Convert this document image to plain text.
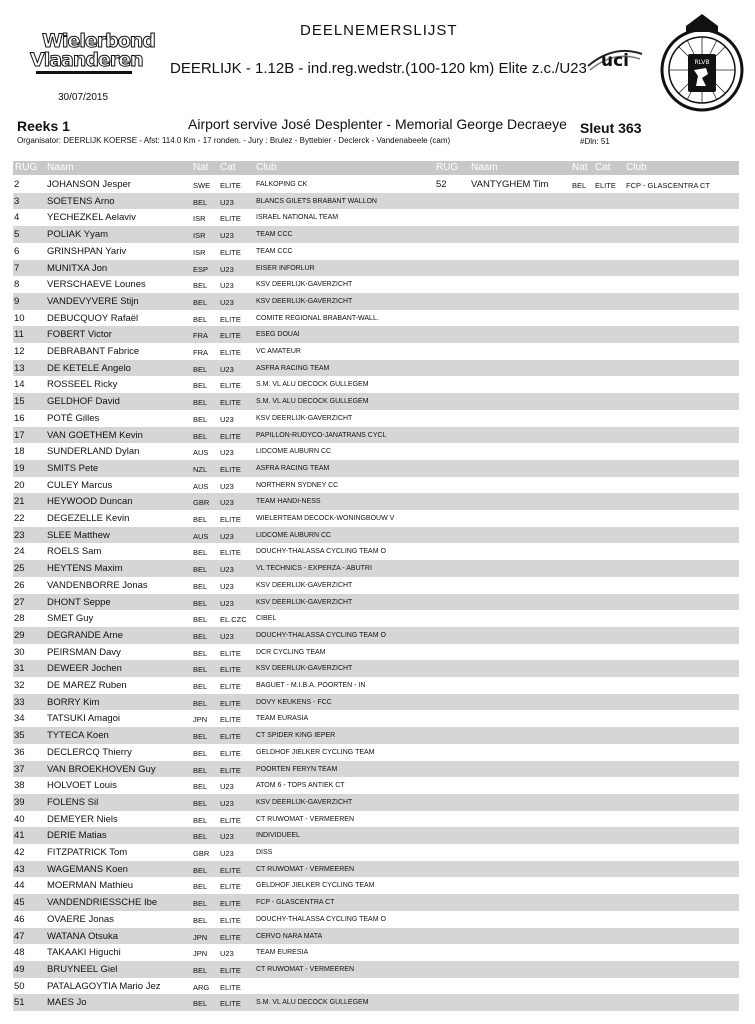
Wielerbond
Vlaanderen
30/07/2015
DEELNEMERSLIJST
DEERLIJK - 1.12B - ind.reg.wedstr.(100-120 km) Elite z.c./U23 uci	RLVB
Reeks 1	Airport servive José Desplenter - Memorial George Decraeye Sleut 363
#Dln: 51
Organisator: DEERLIJK KOERSE - Afst: 114.0 Km - 17 ronden. - Jury : Brulez - Byttebier - Declerck - Vandenabeele (cam)
RUG Naam	Nat Cat Club	RUG Naam	Nat Cat Club
2	JOHANSON Jesper	SWE ELITE FALKOPING CK	52	VANTYGHEM Tim	BEL ELITE FCP - GLASCENTRA CT
3	SOETENS Arno	BEL U23	BLANCS GILETS BRABANT WALLON
4	YECHEZKEL Aelaviv	ISR ELITE ISRAEL NATIONAL TEAM
5	POLIAK Yyam	ISR U23	TEAM CCC
6	GRINSHPAN Yariv	ISR ELITE TEAM CCC
7	MUNITXA Jon	ESP U23	EISER INFORLUR
8	VERSCHAEVE Lounes	BEL U23	KSV DEERLIJK-GAVERZICHT
9	VANDEVYVERE Stijn	BEL U23	KSV DEERLIJK-GAVERZICHT
10 DEBUCQUOY Rafaël	BEL ELITE COMITE REGIONAL BRABANT-WALL.
11 FOBERT Victor	FRA ELITE ESEG DOUAI
12 DEBRABANT Fabrice	FRA ELITE VC AMATEUR
13 DE KETELE Angelo	BEL U23	ASFRA RACING TEAM
14 ROSSEEL Ricky	BEL ELITE S.M. VL ALU DECOCK GULLEGEM
15 GELDHOF David	BEL ELITE S.M. VL ALU DECOCK GULLEGEM
16 POTÉ Gilles	BEL U23	KSV DEERLIJK-GAVERZICHT
17 VAN GOETHEM Kevin	BEL ELITE PAPILLON-RUDYCO-JANATRANS CYCL
18 SUNDERLAND Dylan	AUS U23	LIDCOME AUBURN CC
19 SMITS Pete	NZL ELITE ASFRA RACING TEAM
20 CULEY Marcus	AUS U23	NORTHERN SYDNEY CC
21 HEYWOOD Duncan	GBR U23	TEAM HANDI-NESS
22 DEGEZELLE Kevin	BEL ELITE WIELERTEAM DECOCK-WONINGBOUW V
23 SLEE Matthew	AUS U23	LIDCOME AUBURN CC
24 ROELS Sam	BEL ELITE DOUCHY-THALASSA CYCLING TEAM O
25 HEYTENS Maxim	BEL U23	VL TECHNICS - EXPERZA - ABUTRI
26 VANDENBORRE Jonas	BEL U23	KSV DEERLIJK-GAVERZICHT
27 DHONT Seppe	BEL U23	KSV DEERLIJK-GAVERZICHT
28 SMET Guy	BEL EL.CZC CIBEL
29 DEGRANDE Arne	BEL U23	DOUCHY-THALASSA CYCLING TEAM O
30 PEIRSMAN Davy	BEL ELITE DCR CYCLING TEAM
31 DEWEER Jochen	BEL ELITE KSV DEERLIJK-GAVERZICHT
32 DE MAREZ Ruben	BEL ELITE BAGUET - M.I.B.A. POORTEN - IN
33 BORRY Kim	BEL ELITE DOVY KEUKENS - FCC
34 TATSUKI Amagoi	JPN ELITE TEAM EURASIA
35 TYTECA Koen	BEL ELITE CT SPIDER KING IEPER
36 DECLERCQ Thierry	BEL ELITE GELDHOF JIELKER CYCLING TEAM
37 VAN BROEKHOVEN Guy	BEL ELITE POORTEN FERYN TEAM
38 HOLVOET Louis	BEL U23	ATOM 6 - TOPS ANTIEK CT
39 FOLENS Sil	BEL U23	KSV DEERLIJK-GAVERZICHT
40 DEMEYER Niels	BEL ELITE CT RUWOMAT - VERMEEREN
41 DERIE Matias	BEL U23	INDIVIDUEEL
42 FITZPATRICK Tom	GBR U23	DISS
43 WAGEMANS Koen	BEL ELITE CT RUWOMAT - VERMEEREN
44 MOERMAN Mathieu	BEL ELITE GELDHOF JIELKER CYCLING TEAM
45 VANDENDRIESSCHE Ibe	BEL ELITE FCP - GLASCENTRA CT
46 OVAERE Jonas	BEL ELITE DOUCHY-THALASSA CYCLING TEAM O
47 WATANA Otsuka	JPN ELITE CERVO NARA MATA
48 TAKAAKI Higuchi	JPN U23	TEAM EURESIA
49 BRUYNEEL Giel	BEL ELITE CT RUWOMAT - VERMEEREN
50 PATALAGOYTIA Mario Jez	ARG ELITE
51 MAES Jo	BEL ELITE S.M. VL ALU DECOCK GULLEGEM
